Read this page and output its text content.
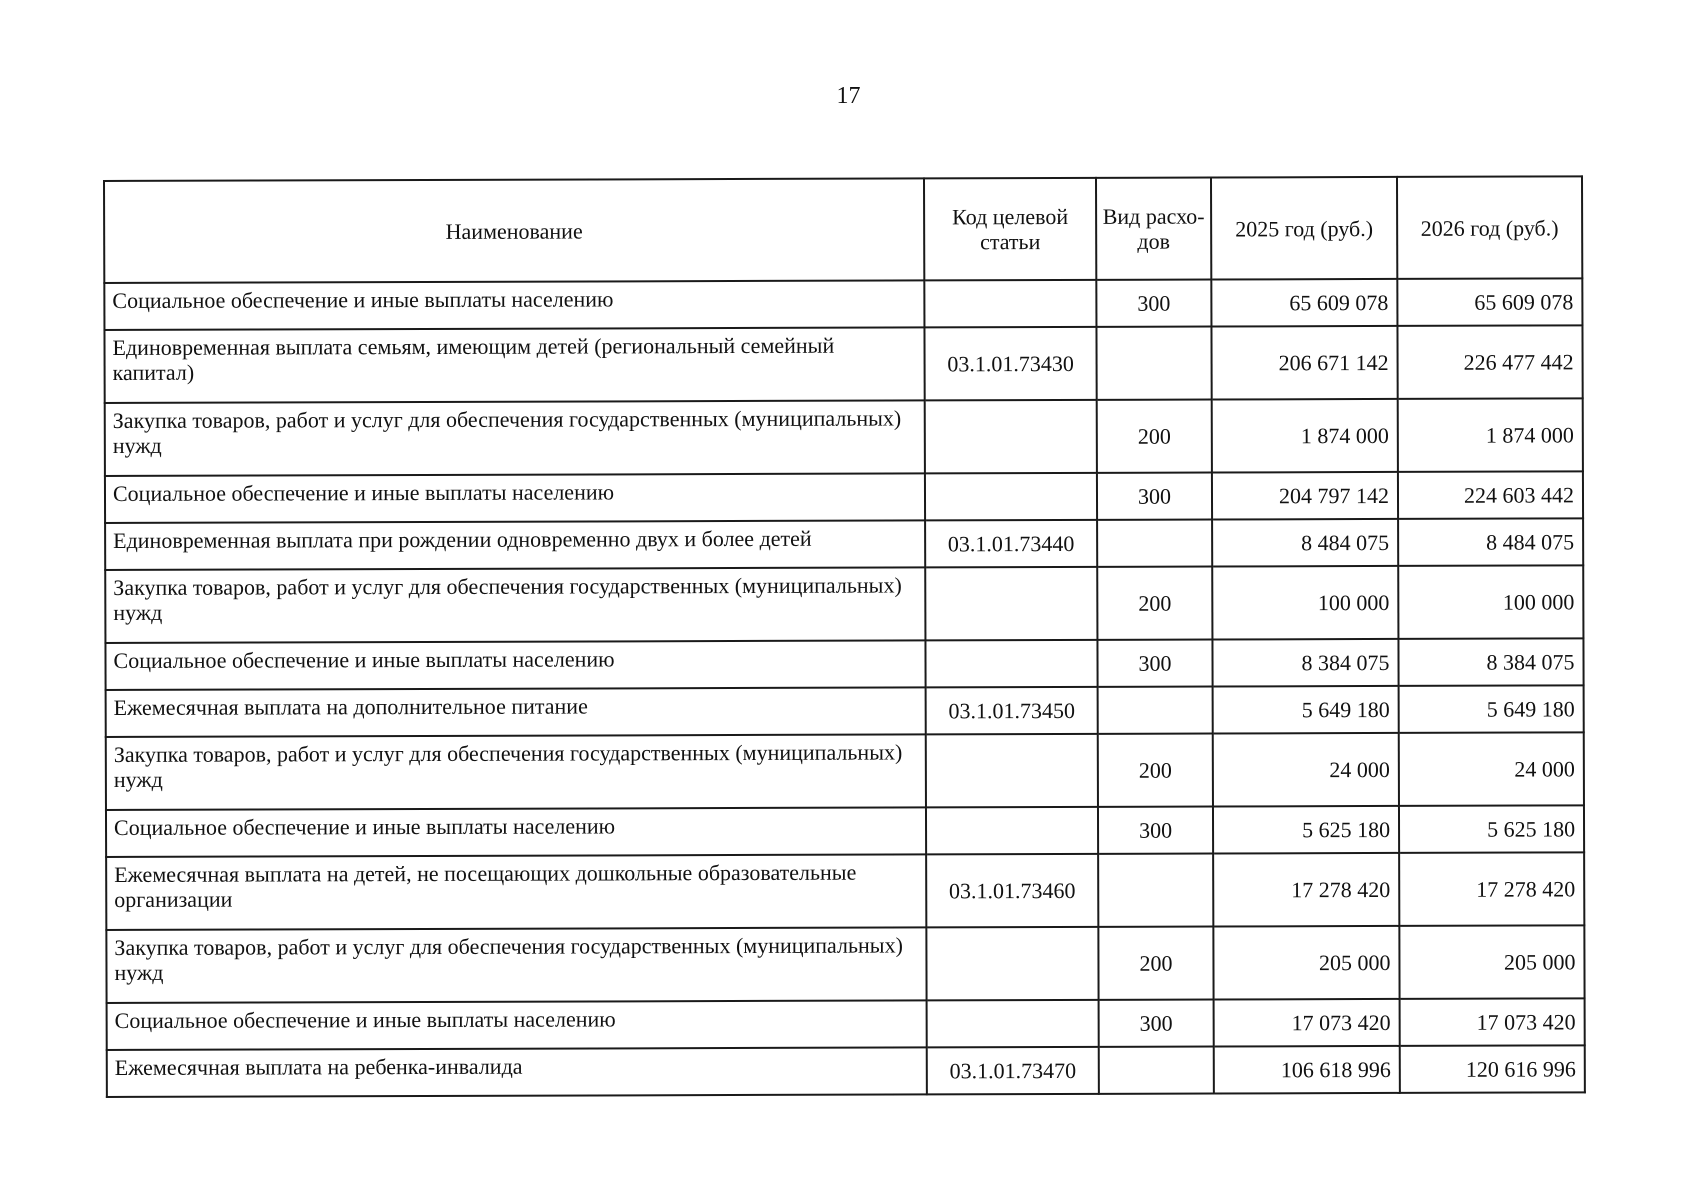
17
Наименование	Код целевой статьи	Вид расхо-дов	2025 год (руб.)	2026 год (руб.)
Социальное обеспечение и иные выплаты населению		300	65 609 078	65 609 078
Единовременная выплата семьям, имеющим детей (региональный семейный капитал)	03.1.01.73430		206 671 142	226 477 442
Закупка товаров, работ и услуг для обеспечения государственных (муниципальных) нужд		200	1 874 000	1 874 000
Социальное обеспечение и иные выплаты населению		300	204 797 142	224 603 442
Единовременная выплата при рождении одновременно двух и более детей	03.1.01.73440		8 484 075	8 484 075
Закупка товаров, работ и услуг для обеспечения государственных (муниципальных) нужд		200	100 000	100 000
Социальное обеспечение и иные выплаты населению		300	8 384 075	8 384 075
Ежемесячная выплата на дополнительное питание	03.1.01.73450		5 649 180	5 649 180
Закупка товаров, работ и услуг для обеспечения государственных (муниципальных) нужд		200	24 000	24 000
Социальное обеспечение и иные выплаты населению		300	5 625 180	5 625 180
Ежемесячная выплата на детей, не посещающих дошкольные образовательные организации	03.1.01.73460		17 278 420	17 278 420
Закупка товаров, работ и услуг для обеспечения государственных (муниципальных) нужд		200	205 000	205 000
Социальное обеспечение и иные выплаты населению		300	17 073 420	17 073 420
Ежемесячная выплата на ребенка-инвалида	03.1.01.73470		106 618 996	120 616 996
